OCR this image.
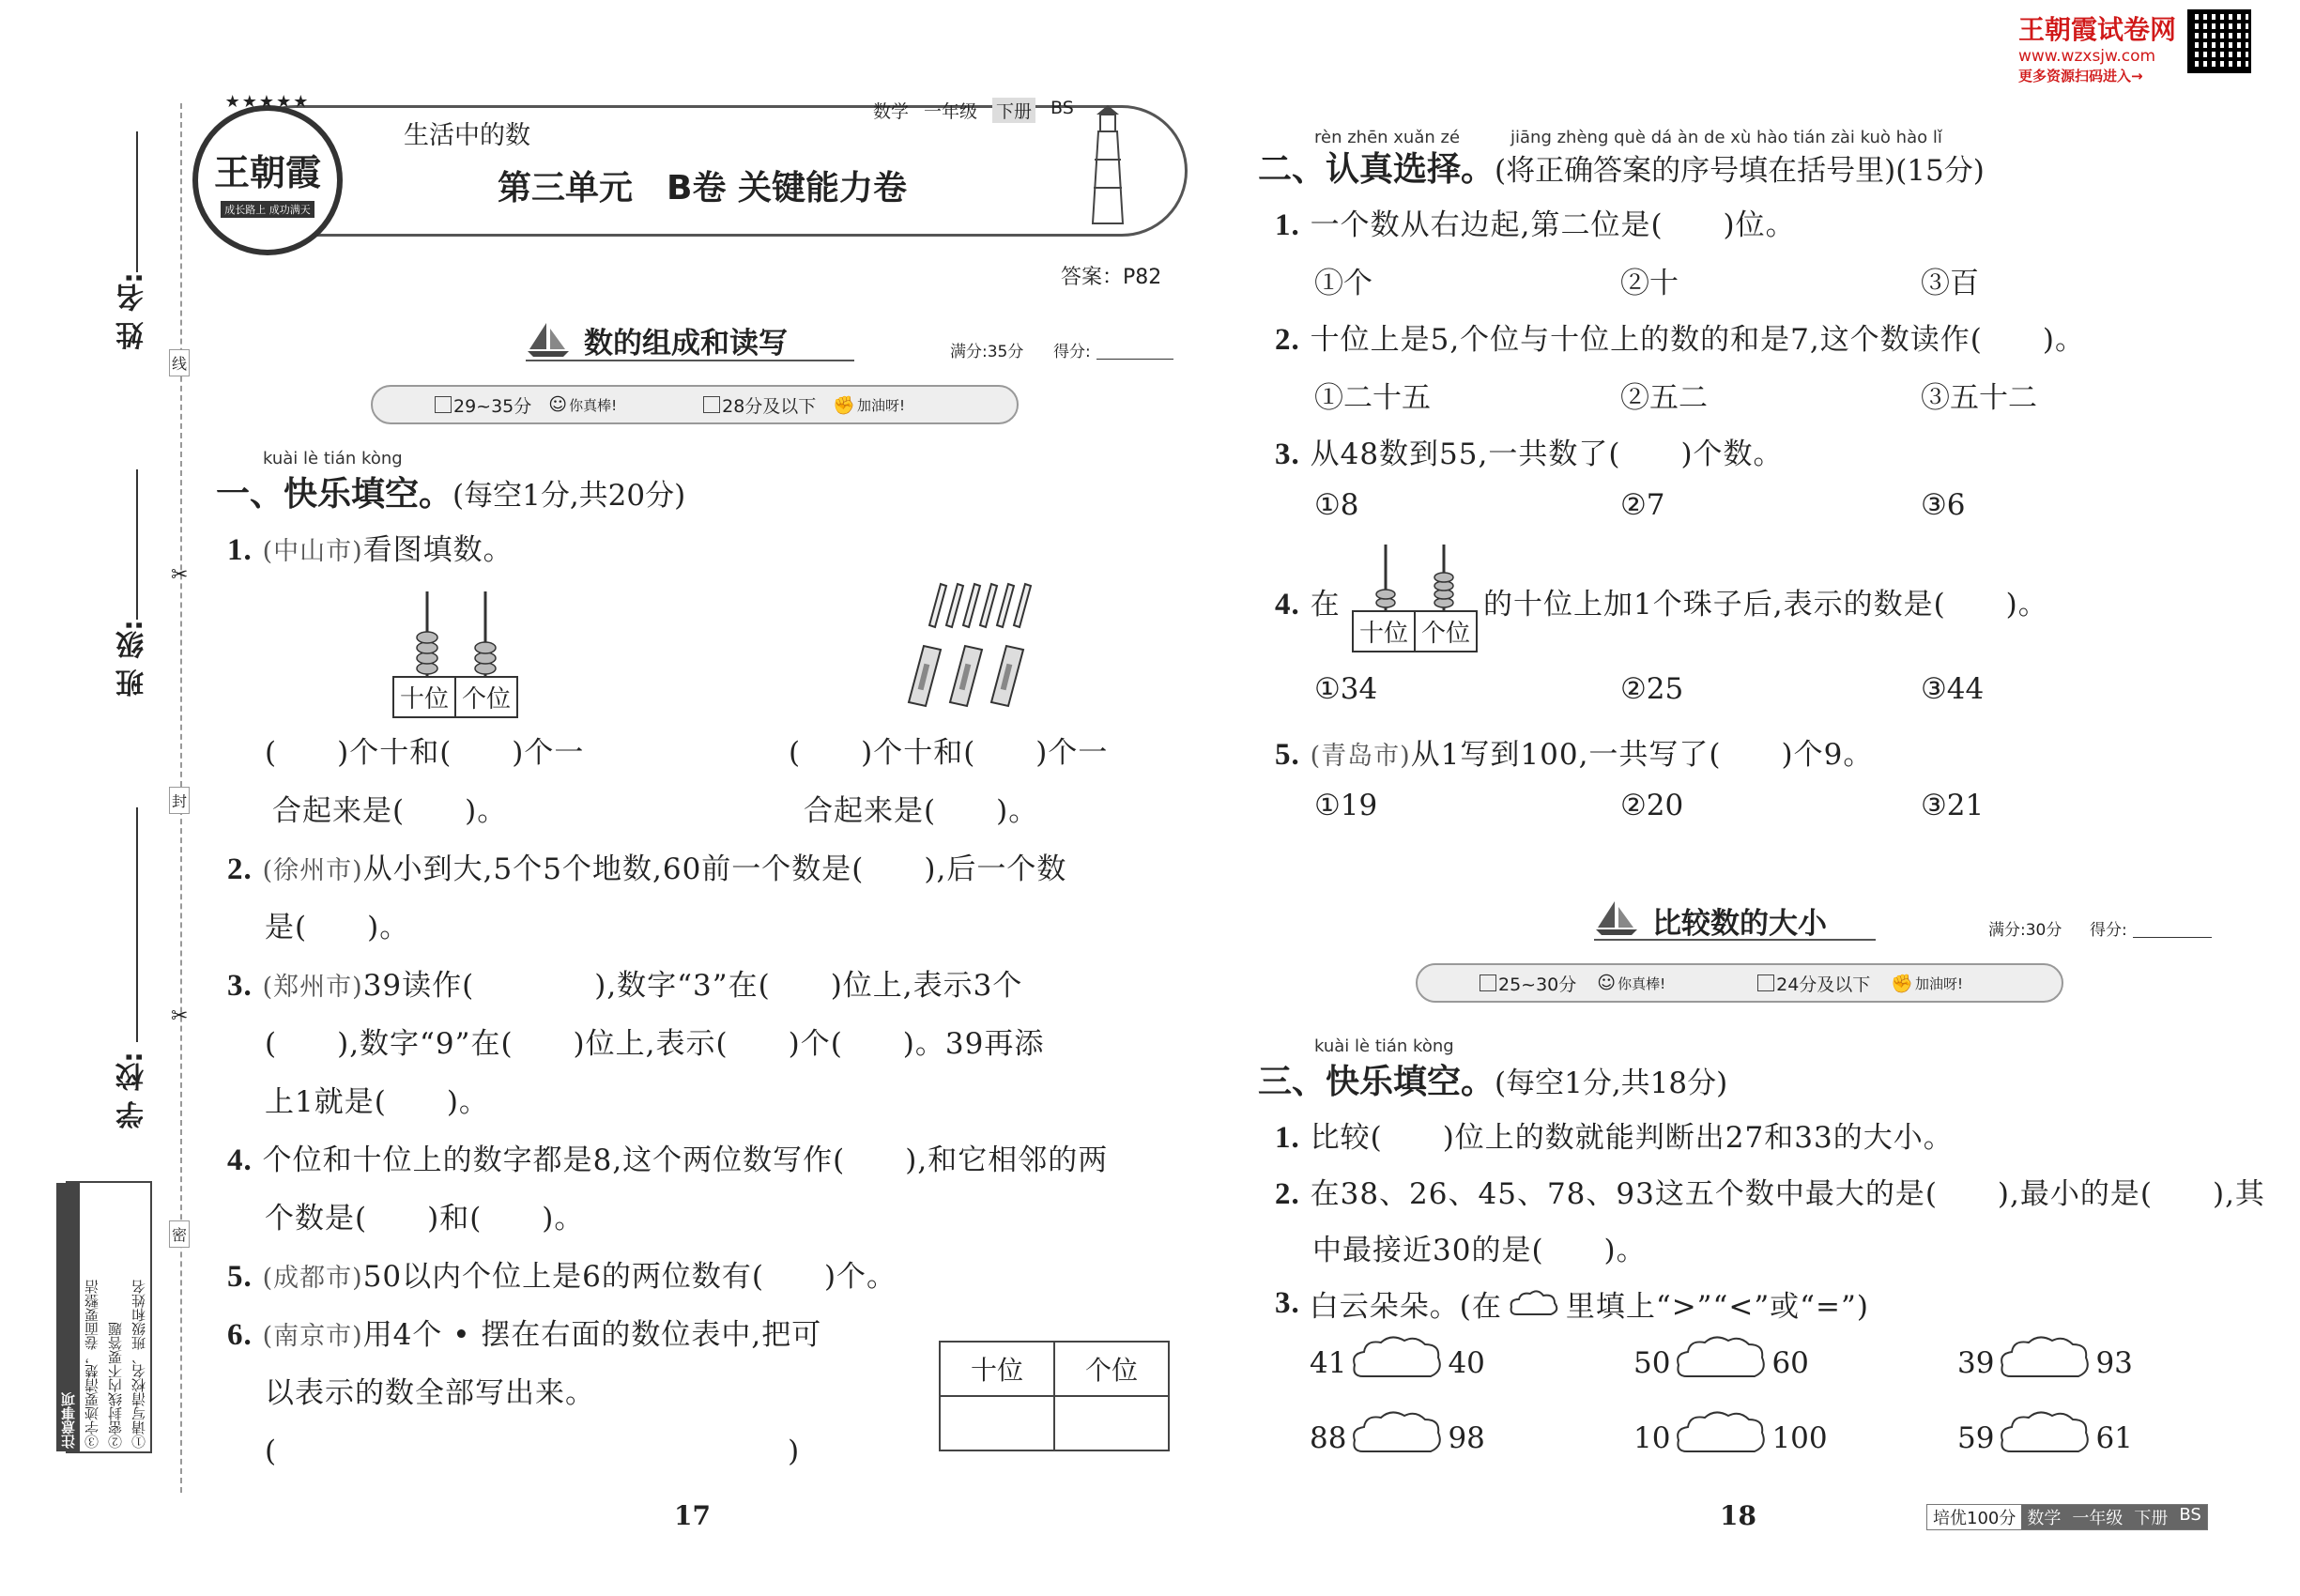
王朝霞试卷网
www.wzxsjw.com
更多资源扫码进入→
线
封
密
✂
✂
姓 名:
班 级:
学 校:
①请写清校名、班级和姓名
②密封线内不要答题
③字迹要清楚，卷面要整洁
注意事项
★★★★★
王朝霞
成长路上 成功满天
生活中的数
数学 一年级 下册 BS
第三单元　B卷 关键能力卷
答案：P82
数的组成和读写	满分:35分 得分:
29~35分 ☺ 你真棒!	28分及以下 ✊ 加油呀!
kuài lè tián kòng
一、快乐填空。(每空1分,共20分)
1. (中山市)看图填数。
十位 个位
(　　)个十和(　　)个一
合起来是(　　)。
(　　)个十和(　　)个一
合起来是(　　)。
2. (徐州市)从小到大,5个5个地数,60前一个数是(　　),后一个数
是(　　)。
3. (郑州市)39读作(　　　　),数字“3”在(　　)位上,表示3个
(　　),数字“9”在(　　)位上,表示(　　)个(　　)。39再添
上1就是(　　)。
4. 个位和十位上的数字都是8,这个两位数写作(　　),和它相邻的两
个数是(　　)和(　　)。
5. (成都市)50以内个位上是6的两位数有(　　)个。
6. (南京市)用4个 • 摆在右面的数位表中,把可
以表示的数全部写出来。
(　　　　　　　　　　　　　　　　　)
十位	个位

17	18
rèn zhēn xuǎn zé　　　jiāng zhèng què dá àn de xù hào tián zài kuò hào lǐ
二、认真选择。(将正确答案的序号填在括号里)(15分)
1. 一个数从右边起,第二位是(　　)位。
①个	②十	③百
2. 十位上是5,个位与十位上的数的和是7,这个数读作(　　)。
①二十五	②五二	③五十二
3. 从48数到55,一共数了(　　)个数。
①8	②7	③6
4. 在
十位 个位
的十位上加1个珠子后,表示的数是(　　)。
①34	②25	③44
5. (青岛市)从1写到100,一共写了(　　)个9。
①19	②20	③21
比较数的大小	满分:30分 得分:
25~30分 ☺ 你真棒!	24分及以下 ✊ 加油呀!
kuài lè tián kòng
三、快乐填空。(每空1分,共18分)
1. 比较(　　)位上的数就能判断出27和33的大小。
2. 在38、26、45、78、93这五个数中最大的是(　　),最小的是(　　),其
中最接近30的是(　　)。
3. 白云朵朵。(在 里填上“>”“<”或“=”)
41	40	50	60	39	93
88	98	10	100	59	61
培优100分 数学 一年级 下册 BS
